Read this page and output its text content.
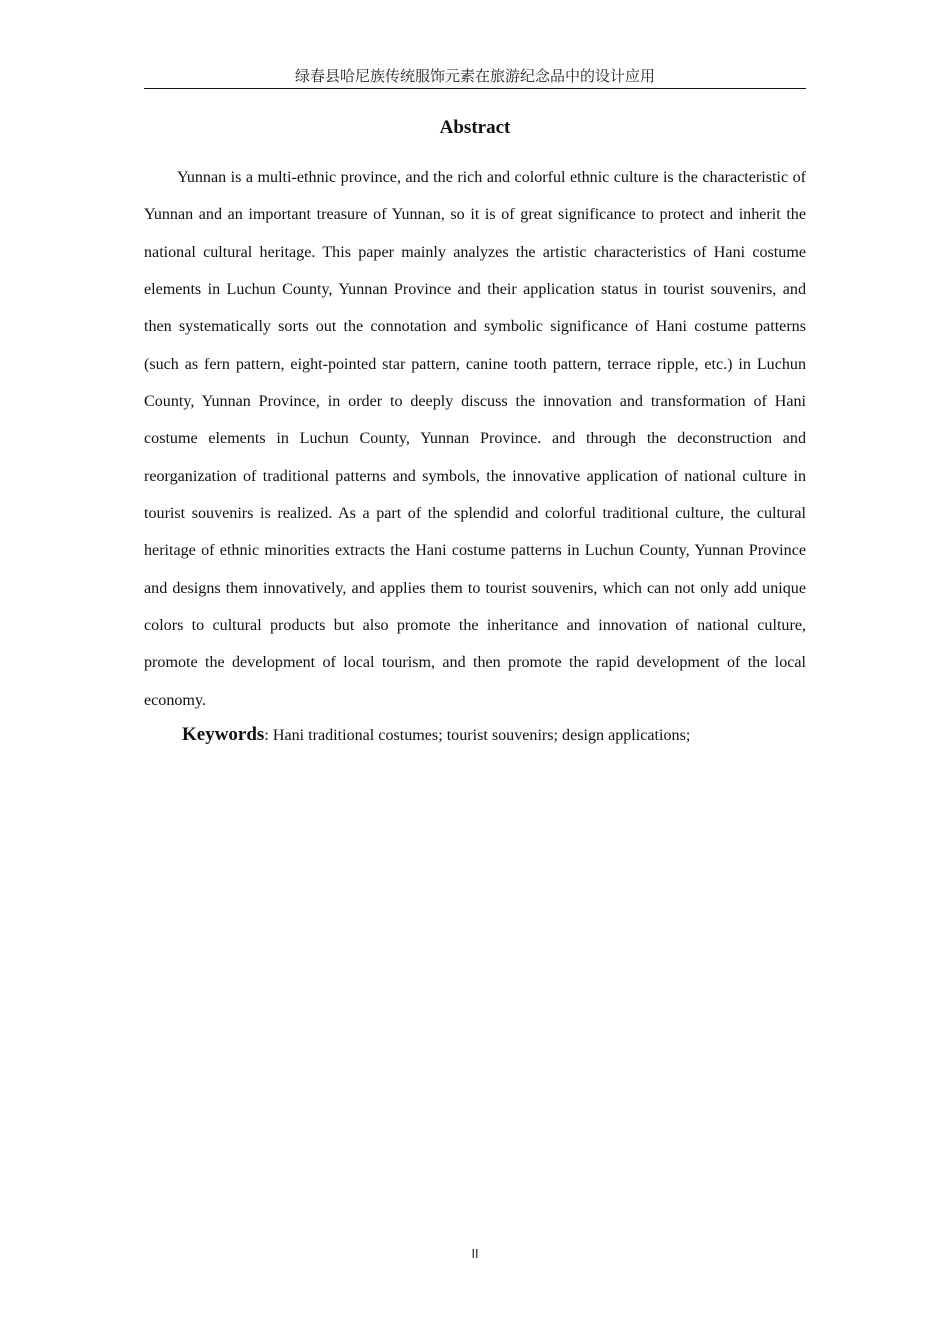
绿春县哈尼族传统服饰元素在旅游纪念品中的设计应用
Abstract

Yunnan is a multi-ethnic province, and the rich and colorful ethnic culture is the characteristic of Yunnan and an important treasure of Yunnan, so it is of great significance to protect and inherit the national cultural heritage. This paper mainly analyzes the artistic characteristics of Hani costume elements in Luchun County, Yunnan Province and their application status in tourist souvenirs, and then systematically sorts out the connotation and symbolic significance of Hani costume patterns (such as fern pattern, eight-pointed star pattern, canine tooth pattern, terrace ripple, etc.) in Luchun County, Yunnan Province, in order to deeply discuss the innovation and transformation of Hani costume elements in Luchun County, Yunnan Province. and through the deconstruction and reorganization of traditional patterns and symbols, the innovative application of national culture in tourist souvenirs is realized. As a part of the splendid and colorful traditional culture, the cultural heritage of ethnic minorities extracts the Hani costume patterns in Luchun County, Yunnan Province and designs them innovatively, and applies them to tourist souvenirs, which can not only add unique colors to cultural products but also promote the inheritance and innovation of national culture, promote the development of local tourism, and then promote the rapid development of the local economy.

Keywords: Hani traditional costumes; tourist souvenirs; design applications;
II
